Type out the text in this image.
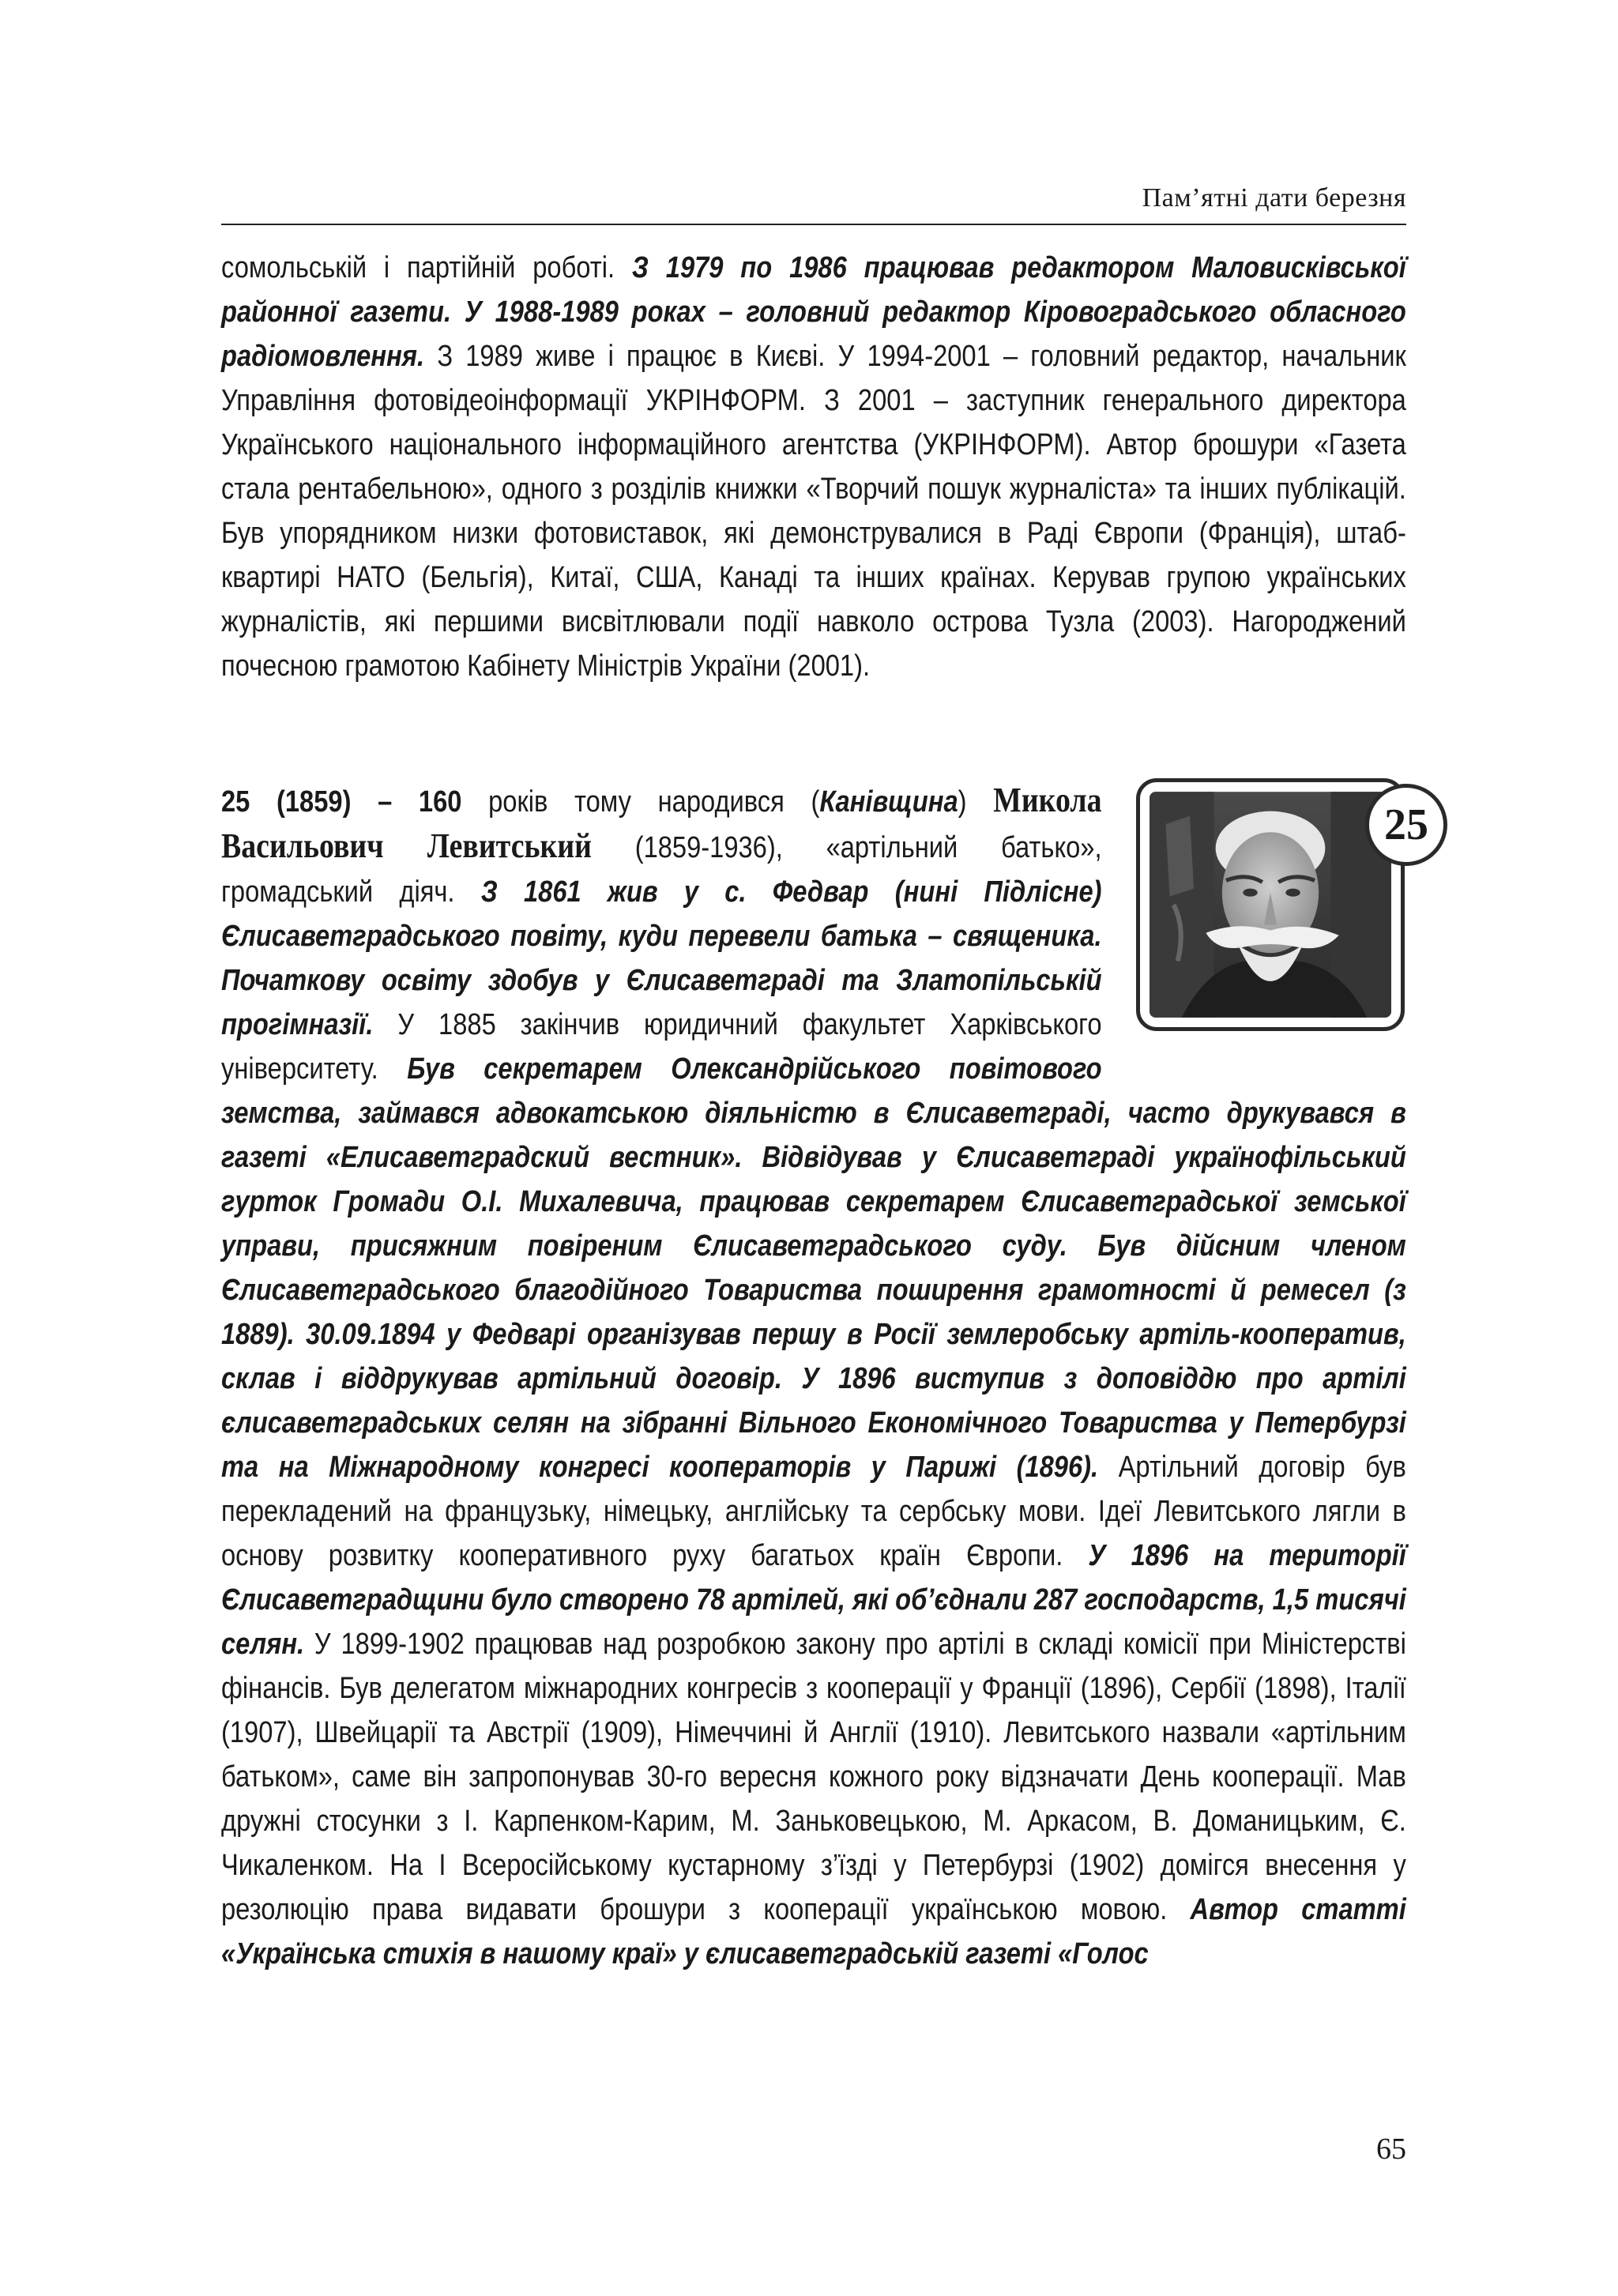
Пам’ятні дати березня

сомольській і партійній роботі. З 1979 по 1986 працював редактором Маловисківської районної газети. У 1988-1989 роках – головний редактор Кіровоградського обласного радіомовлення. З 1989 живе і працює в Києві. У 1994-2001 – головний редактор, начальник Управління фотовідеоінформації УКРІНФОРМ. З 2001 – заступник генерального директора Українського національного інформаційного агентства (УКРІНФОРМ). Автор брошури «Газета стала рентабельною», одного з розділів книжки «Творчий пошук журналіста» та інших публікацій. Був упорядником низки фотовиставок, які демонструвалися в Раді Європи (Франція), штаб-квартирі НАТО (Бельгія), Китаї, США, Канаді та інших країнах. Керував групою українських журналістів, які першими висвітлювали події навколо острова Тузла (2003). Нагороджений почесною грамотою Кабінету Міністрів України (2001).

25 (1859) – 160 років тому народився (Канівщина) Микола Васильович Левитський (1859-1936), «артільний батько», громадський діяч. З 1861 жив у с. Федвар (нині Підлісне) Єлисаветградського повіту, куди перевели батька – священика. Початкову освіту здобув у Єлисаветграді та Златопільській прогімназії. У 1885 закінчив юридичний факультет Харківського університету. Був секретарем Олександрійського повітового земства, займався адвокатською діяльністю в Єлисаветграді, часто друкувався в газеті «Елисаветградский вестник». Відвідував у Єлисаветграді українофільський гурток Громади О.І. Михалевича, працював секретарем Єлисаветградської земської управи, присяжним повіреним Єлисаветградського суду. Був дійсним членом Єлисаветградського благодійного Товариства поширення грамотності й ремесел (з 1889). 30.09.1894 у Федварі організував першу в Росії землеробську артіль-кооператив, склав і віддрукував артільний договір. У 1896 виступив з доповіддю про артілі єлисаветградських селян на зібранні Вільного Економічного Товариства у Петербурзі та на Міжнародному конгресі кооператорів у Парижі (1896). Артільний договір був перекладений на французьку, німецьку, англійську та сербську мови. Ідеї Левитського лягли в основу розвитку кооперативного руху багатьох країн Європи. У 1896 на території Єлисаветградщини було створено 78 артілей, які об’єднали 287 господарств, 1,5 тисячі селян. У 1899-1902 працював над розробкою закону про артілі в складі комісії при Міністерстві фінансів. Був делегатом міжнародних конгресів з кооперації у Франції (1896), Сербії (1898), Італії (1907), Швейцарії та Австрії (1909), Німеччині й Англії (1910). Левитського назвали «артільним батьком», саме він запропонував 30-го вересня кожного року відзначати День кооперації. Мав дружні стосунки з І. Карпенком-Карим, М. Заньковецькою, М. Аркасом, В. Доманицьким, Є. Чикаленком. На І Всеросійському кустарному з’їзді у Петербурзі (1902) домігся внесення у резолюцію права видавати брошури з кооперації українською мовою. Автор статті «Українська стихія в нашому краї» у єлисаветградській газеті «Голос

25
65
